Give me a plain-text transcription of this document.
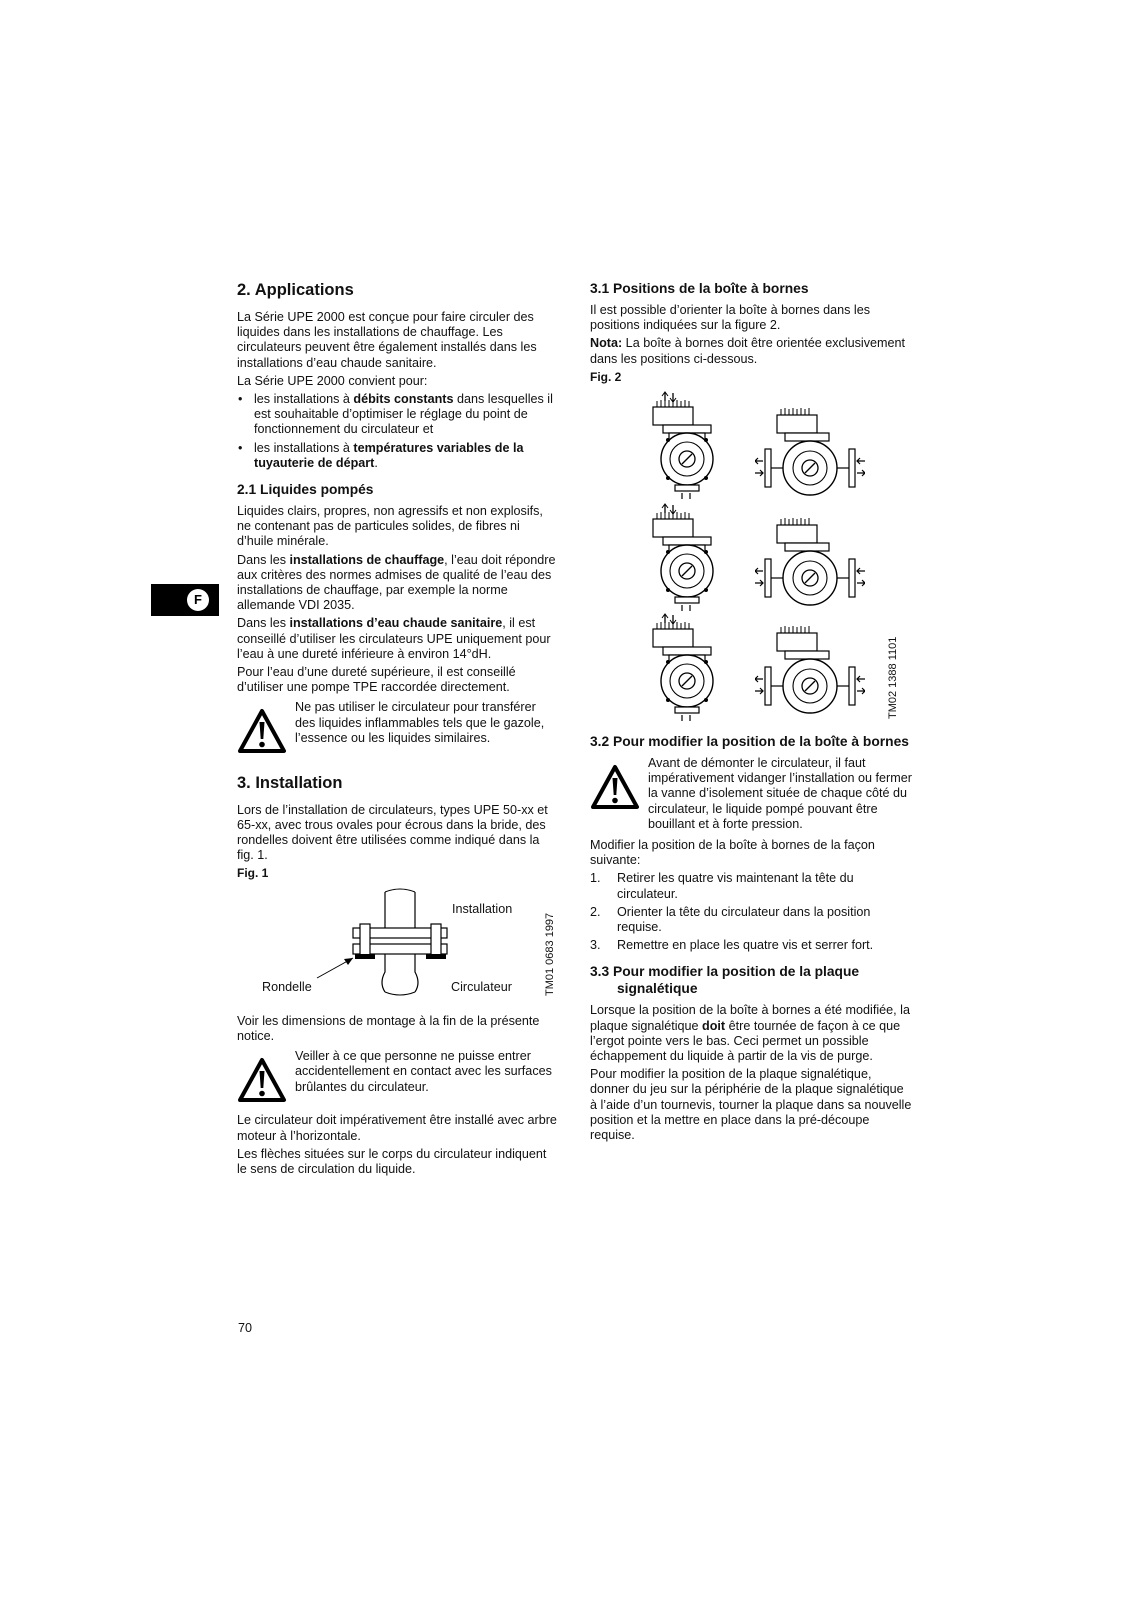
F
2. Applications

La Série UPE 2000 est conçue pour faire circuler des liquides dans les installations de chauffage. Les circulateurs peuvent être également installés dans les installations d’eau chaude sanitaire.

La Série UPE 2000 convient pour:

• les installations à débits constants dans lesquelles il est souhaitable d’optimiser le réglage du point de fonctionnement du circulateur et
• les installations à températures variables de la tuyauterie de départ.
2.1 Liquides pompés

Liquides clairs, propres, non agressifs et non explosifs, ne contenant pas de particules solides, de fibres ni d’huile minérale.

Dans les installations de chauffage, l’eau doit répondre aux critères des normes admises de qualité de l’eau des installations de chauffage, par exemple la norme allemande VDI 2035.

Dans les installations d’eau chaude sanitaire, il est conseillé d’utiliser les circulateurs UPE uniquement pour l’eau à une dureté inférieure à environ 14°dH.

Pour l’eau d’une dureté supérieure, il est conseillé d’utiliser une pompe TPE raccordée directement.

Ne pas utiliser le circulateur pour transférer des liquides inflammables tels que le gazole, l’essence ou les liquides similaires.
3. Installation

Lors de l’installation de circulateurs, types UPE 50-xx et 65-xx, avec trous ovales pour écrous dans la bride, des rondelles doivent être utilisées comme indiqué dans la fig. 1.

Fig. 1
Installation
Rondelle	Circulateur	TM01 0683 1997

Voir les dimensions de montage à la fin de la présente notice.

Veiller à ce que personne ne puisse entrer accidentellement en contact avec les surfaces brûlantes du circulateur.

Le circulateur doit impérativement être installé avec arbre moteur à l’horizontale.

Les flèches situées sur le corps du circulateur indiquent le sens de circulation du liquide.

3.1 Positions de la boîte à bornes

Il est possible d’orienter la boîte à bornes dans les positions indiquées sur la figure 2.

Nota: La boîte à bornes doit être orientée exclusivement dans les positions ci-dessous.

Fig. 2
TM02 1388 1101
3.2 Pour modifier la position de la boîte à bornes
Avant de démonter le circulateur, il faut impérativement vidanger l’installation ou fermer la vanne d’isolement située de chaque côté du circulateur, le liquide pompé pouvant être bouillant et à forte pression.

Modifier la position de la boîte à bornes de la façon suivante:

1. Retirer les quatre vis maintenant la tête du circulateur.
2. Orienter la tête du circulateur dans la position requise.
3. Remettre en place les quatre vis et serrer fort.
3.3 Pour modifier la position de la plaque signalétique

Lorsque la position de la boîte à bornes a été modifiée, la plaque signalétique doit être tournée de façon à ce que l’ergot pointe vers le bas. Ceci permet un possible échappement du liquide à partir de la vis de purge.

Pour modifier la position de la plaque signalétique, donner du jeu sur la périphérie de la plaque signalétique à l’aide d’un tournevis, tourner la plaque dans sa nouvelle position et la mettre en place dans la pré-découpe requise.

70
